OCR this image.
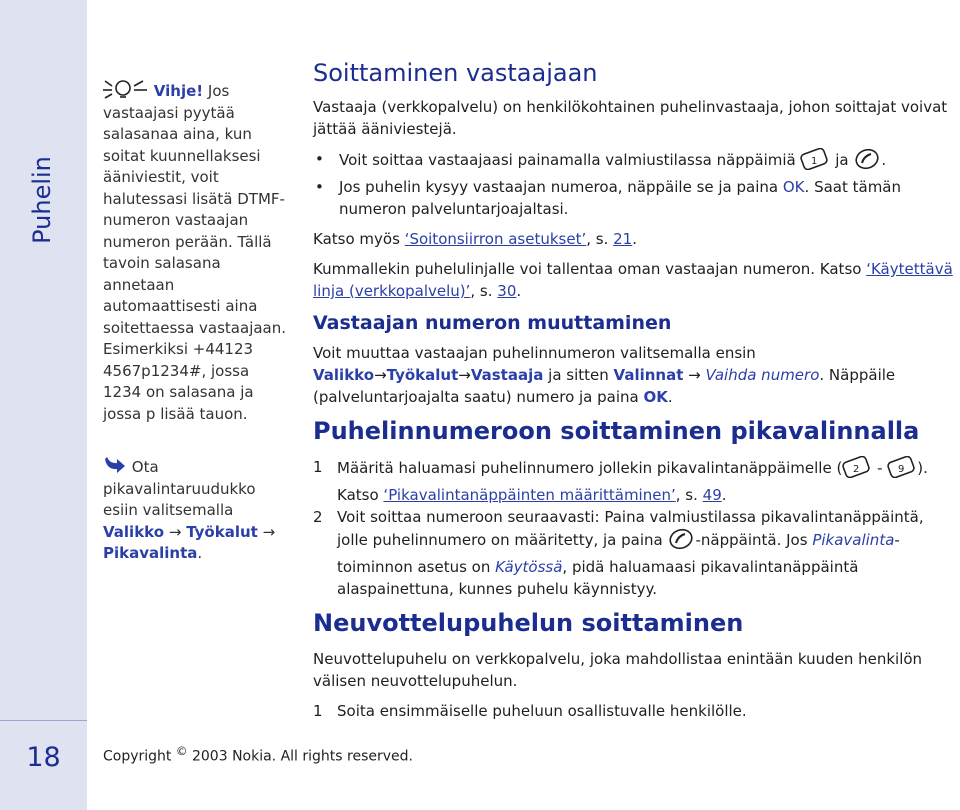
Puhelin
18
Vihje! Jos vastaajasi pyytää salasanaa aina, kun soitat kuunnellaksesi ääniviestit, voit halutessasi lisätä DTMF-numeron vastaajan numeron perään. Tällä tavoin salasana annetaan automaattisesti aina soitettaessa vastaajaan. Esimerkiksi +44123 4567p1234#, jossa 1234 on salasana ja jossa p lisää tauon.
Ota pikavalintaruudukko esiin valitsemalla Valikko → Työkalut → Pikavalinta.
Copyright © 2003 Nokia. All rights reserved.
Soittaminen vastaajaan

Vastaaja (verkkopalvelu) on henkilökohtainen puhelinvastaaja, johon soittajat voivat jättää ääniviestejä.

• Voit soittaa vastaajaasi painamalla valmiustilassa näppäimiä 1 ja .
• Jos puhelin kysyy vastaajan numeroa, näppäile se ja paina OK. Saat tämän numeron palveluntarjoajaltasi.

Katso myös ‘Soitonsiirron asetukset’, s. 21.

Kummallekin puhelulinjalle voi tallentaa oman vastaajan numeron. Katso ‘Käytettävä linja (verkkopalvelu)’, s. 30.

Vastaajan numeron muuttaminen

Voit muuttaa vastaajan puhelinnumeron valitsemalla ensin Valikko→Työkalut→Vastaaja ja sitten Valinnat → Vaihda numero. Näppäile (palveluntarjoajalta saatu) numero ja paina OK.

Puhelinnumeroon soittaminen pikavalinnalla
1 Määritä haluamasi puhelinnumero jollekin pikavalintanäppäimelle ( 2 - 9 ). Katso ‘Pikavalintanäppäinten määrittäminen’, s. 49.
2 Voit soittaa numeroon seuraavasti: Paina valmiustilassa pikavalintanäppäintä, jolle puhelinnumero on määritetty, ja paina -näppäintä. Jos Pikavalinta-toiminnon asetus on Käytössä, pidä haluamaasi pikavalintanäppäintä alaspainettuna, kunnes puhelu käynnistyy.
Neuvottelupuhelun soittaminen

Neuvottelupuhelu on verkkopalvelu, joka mahdollistaa enintään kuuden henkilön välisen neuvottelupuhelun.

1 Soita ensimmäiselle puheluun osallistuvalle henkilölle.
